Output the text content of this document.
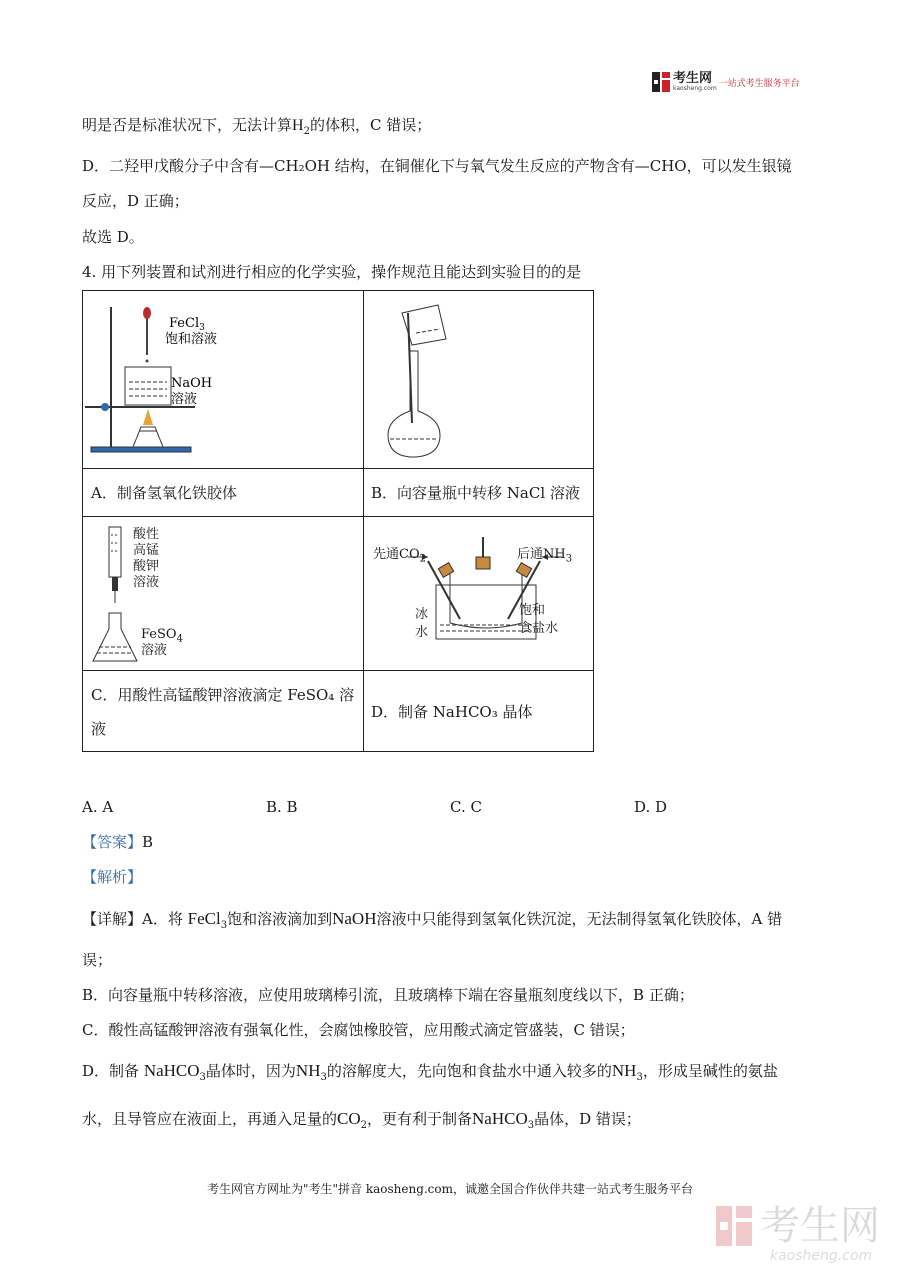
考生网
kaosheng.com 一站式考生服务平台
明是否是标准状况下，无法计算$H_2$的体积，C 错误；
D．二羟甲戊酸分子中含有—CH₂OH 结构，在铜催化下与氧气发生反应的产物含有—CHO，可以发生银镜
反应，D 正确；
故选 D。
4. 用下列装置和试剂进行相应的化学实验，操作规范且能达到实验目的的是
FeCl$_3$
饱和溶液
NaOH
溶液
A．制备氢氧化铁胶体	B．向容量瓶中转移 NaCl 溶液
酸性
高锰
酸钾
溶液
FeSO$_4$
溶液
先通$CO_2$	后通$NH_3$
冰
水
饱和
食盐水
C．用酸性高锰酸钾溶液滴定 FeSO₄ 溶
液
D．制备 NaHCO₃ 晶体
A. A	B. B	C. C	D. D
【答案】B
【解析】
【详解】A．将 FeCl$_3$饱和溶液滴加到NaOH溶液中只能得到氢氧化铁沉淀，无法制得氢氧化铁胶体，A 错
误；
B．向容量瓶中转移溶液，应使用玻璃棒引流，且玻璃棒下端在容量瓶刻度线以下，B 正确；
C．酸性高锰酸钾溶液有强氧化性，会腐蚀橡胶管，应用酸式滴定管盛装，C 错误；
D．制备 NaHCO$_3$晶体时，因为$NH_3$的溶解度大，先向饱和食盐水中通入较多的$NH_3$，形成呈碱性的氨盐
水，且导管应在液面上，再通入足量的$CO_2$，更有利于制备NaHCO$_3$晶体，D 错误；
考生网官方网址为"考生"拼音 kaosheng.com，诚邀全国合作伙伴共建一站式考生服务平台
考生网
kaosheng.com
